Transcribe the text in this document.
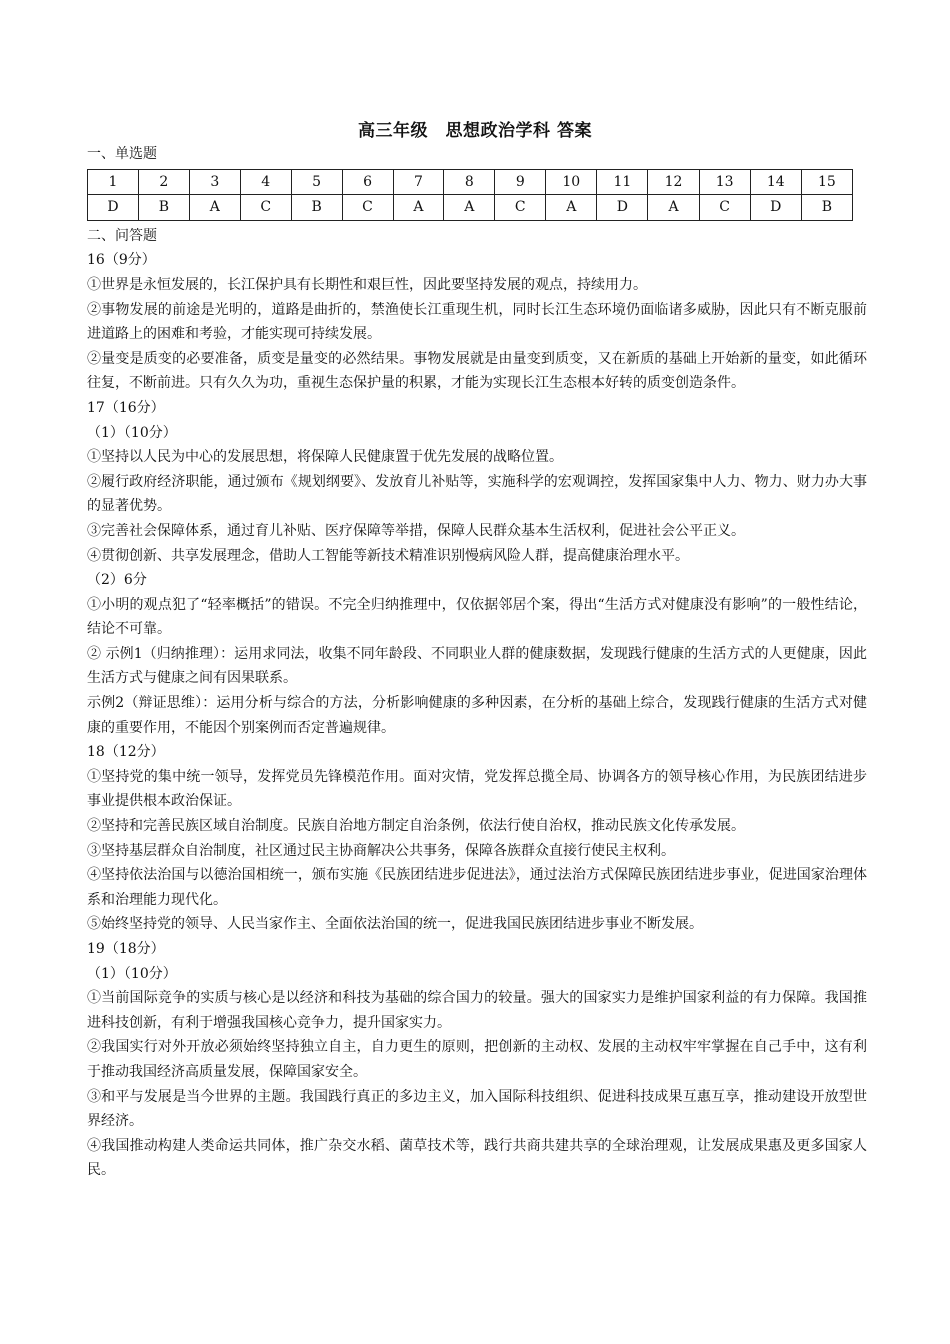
高三年级　思想政治学科 答案

一、单选题

1	2	3	4	5	6	7	8	9	10	11	12	13	14	15
D	B	A	C	B	C	A	A	C	A	D	A	C	D	B

二、问答题

16（9分）

①世界是永恒发展的，长江保护具有长期性和艰巨性，因此要坚持发展的观点，持续用力。

②事物发展的前途是光明的，道路是曲折的，禁渔使长江重现生机，同时长江生态环境仍面临诸多威胁，因此只有不断克服前进道路上的困难和考验，才能实现可持续发展。

②量变是质变的必要准备，质变是量变的必然结果。事物发展就是由量变到质变，又在新质的基础上开始新的量变，如此循环往复，不断前进。只有久久为功，重视生态保护量的积累，才能为实现长江生态根本好转的质变创造条件。

17（16分）

（1）（10分）

①坚持以人民为中心的发展思想，将保障人民健康置于优先发展的战略位置。

②履行政府经济职能，通过颁布《规划纲要》、发放育儿补贴等，实施科学的宏观调控，发挥国家集中人力、物力、财力办大事的显著优势。

③完善社会保障体系，通过育儿补贴、医疗保障等举措，保障人民群众基本生活权利，促进社会公平正义。

④贯彻创新、共享发展理念，借助人工智能等新技术精准识别慢病风险人群，提高健康治理水平。

（2）6分

①小明的观点犯了“轻率概括”的错误。不完全归纳推理中，仅依据邻居个案，得出“生活方式对健康没有影响”的一般性结论，结论不可靠。

② 示例1（归纳推理）：运用求同法，收集不同年龄段、不同职业人群的健康数据，发现践行健康的生活方式的人更健康，因此生活方式与健康之间有因果联系。

示例2（辩证思维）：运用分析与综合的方法，分析影响健康的多种因素，在分析的基础上综合，发现践行健康的生活方式对健康的重要作用，不能因个别案例而否定普遍规律。

18（12分）

①坚持党的集中统一领导，发挥党员先锋模范作用。面对灾情，党发挥总揽全局、协调各方的领导核心作用，为民族团结进步事业提供根本政治保证。

②坚持和完善民族区域自治制度。民族自治地方制定自治条例，依法行使自治权，推动民族文化传承发展。

③坚持基层群众自治制度，社区通过民主协商解决公共事务，保障各族群众直接行使民主权利。

④坚持依法治国与以德治国相统一，颁布实施《民族团结进步促进法》，通过法治方式保障民族团结进步事业，促进国家治理体系和治理能力现代化。

⑤始终坚持党的领导、人民当家作主、全面依法治国的统一，促进我国民族团结进步事业不断发展。

19（18分）

（1）（10分）

①当前国际竞争的实质与核心是以经济和科技为基础的综合国力的较量。强大的国家实力是维护国家利益的有力保障。我国推进科技创新，有利于增强我国核心竞争力，提升国家实力。

②我国实行对外开放必须始终坚持独立自主，自力更生的原则，把创新的主动权、发展的主动权牢牢掌握在自己手中，这有利于推动我国经济高质量发展，保障国家安全。

③和平与发展是当今世界的主题。我国践行真正的多边主义，加入国际科技组织、促进科技成果互惠互享，推动建设开放型世界经济。

④我国推动构建人类命运共同体，推广杂交水稻、菌草技术等，践行共商共建共享的全球治理观，让发展成果惠及更多国家人民。
